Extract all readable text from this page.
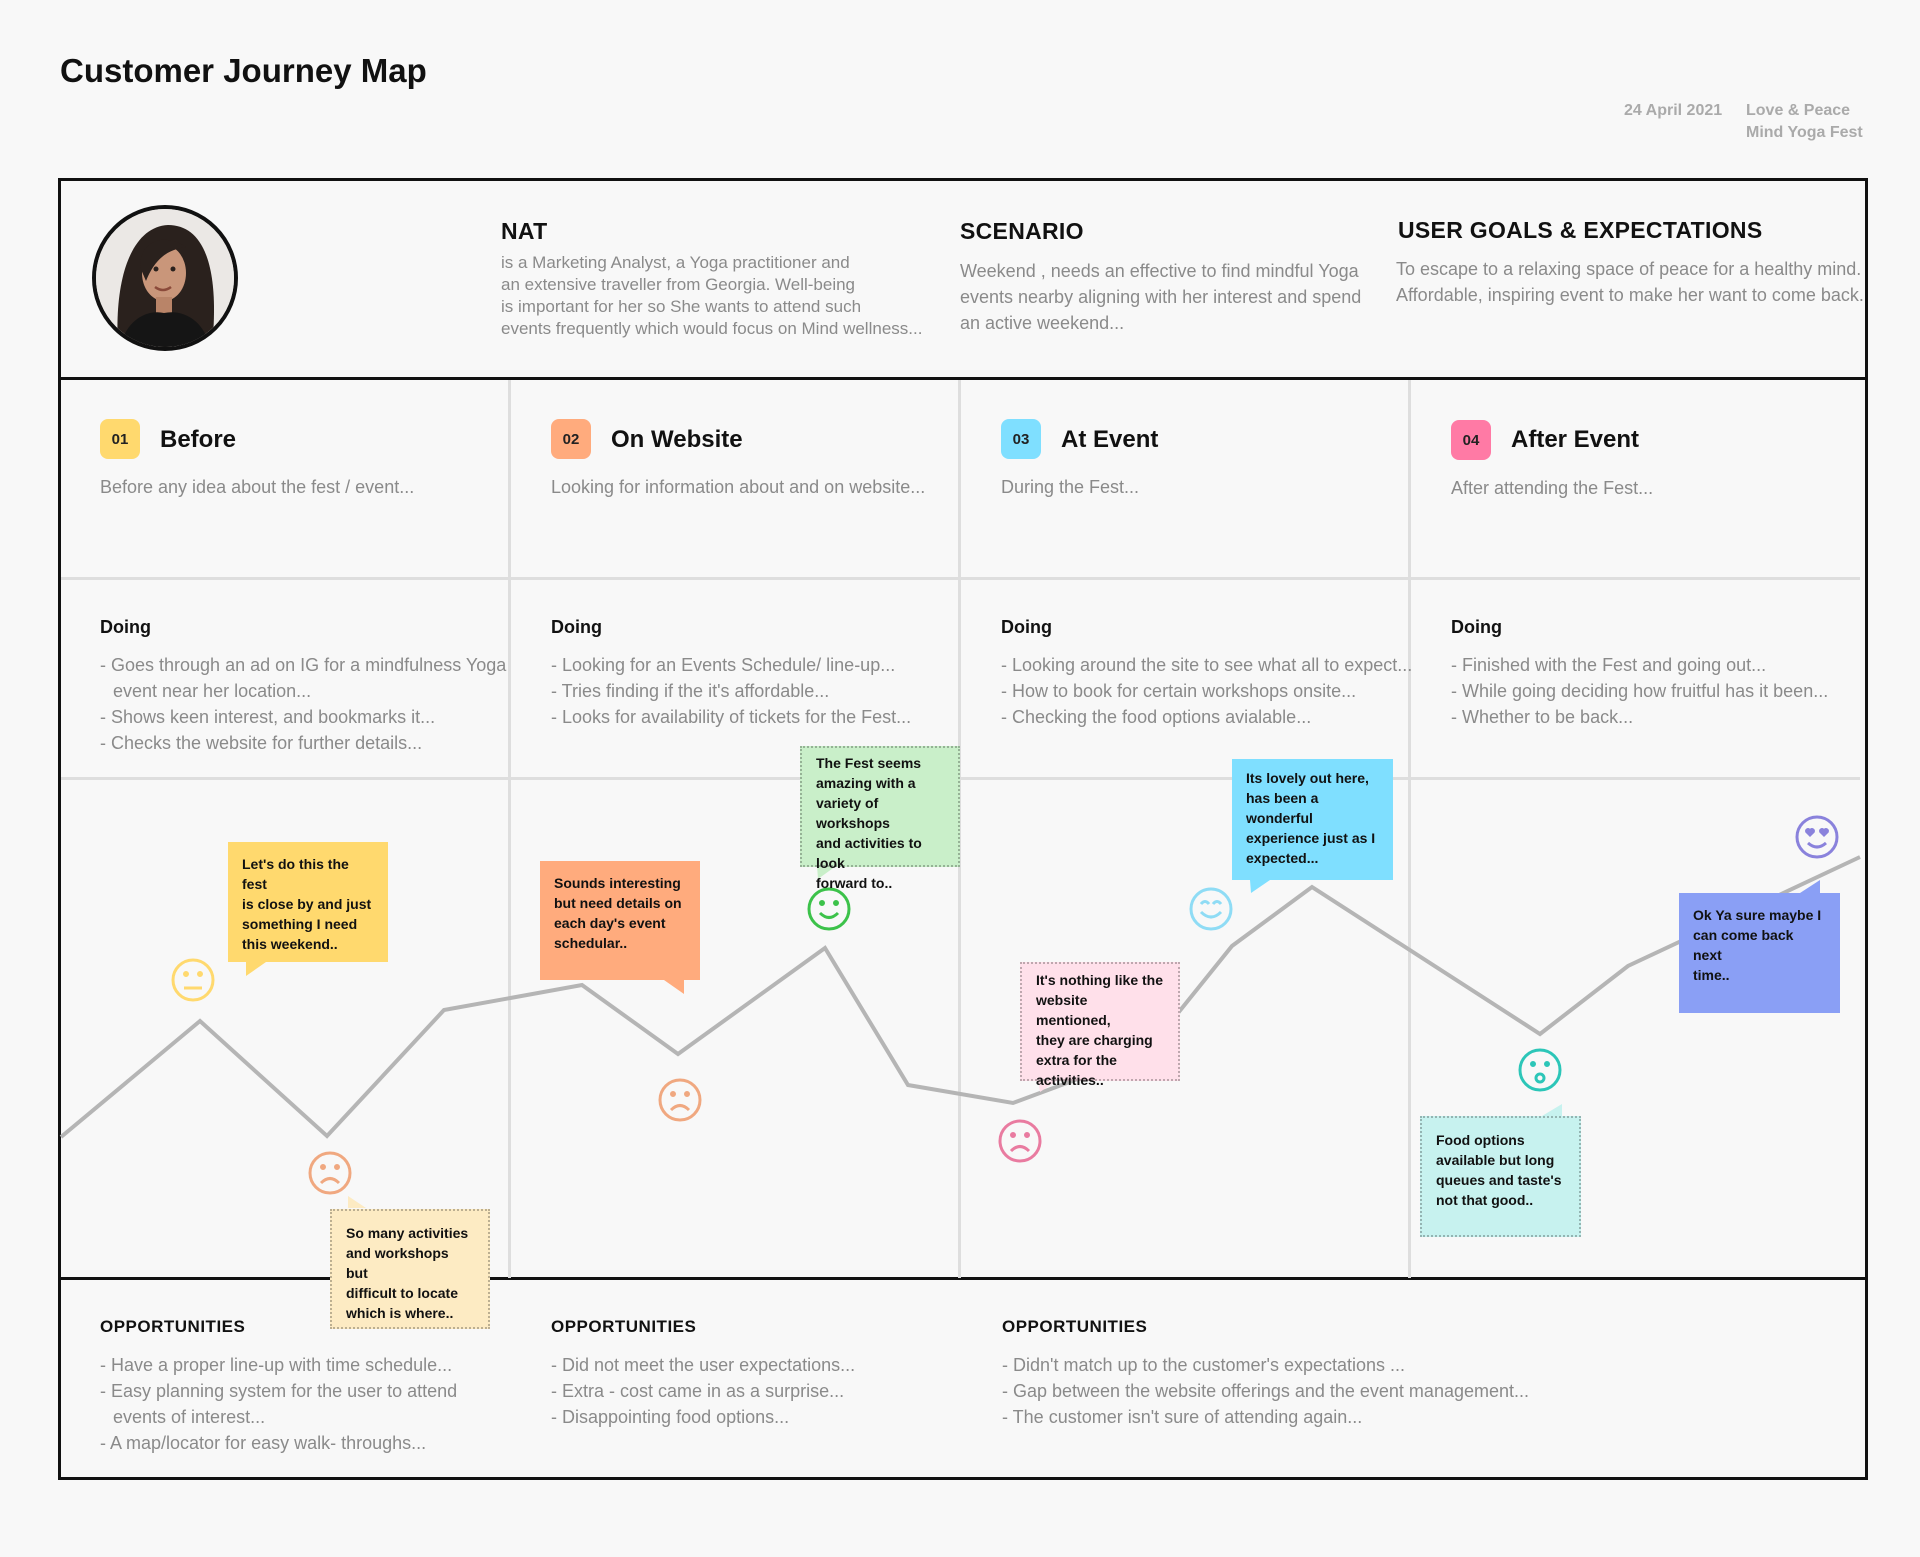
Customer Journey Map
24 April 2021 Love & Peace
Mind Yoga Fest
NAT
is a Marketing Analyst, a Yoga practitioner and
an extensive traveller from Georgia. Well-being
is important for her so She wants to attend such
events frequently which would focus on Mind wellness...
SCENARIO
Weekend , needs an effective to find mindful Yoga
events nearby aligning with her interest and spend
an active weekend...
USER GOALS & EXPECTATIONS
To escape to a relaxing space of peace for a healthy mind.
Affordable, inspiring event to make her want to come back.
01	Before
Before any idea about the fest / event...
02	On Website
Looking for information about and on website...
03	At Event
During the Fest...
04	After Event
After attending the Fest...
Doing
- Goes through an ad on IG for a mindfulness Yoga
event near her location...
- Shows keen interest, and bookmarks it...
- Checks the website for further details...
Doing
- Looking for an Events Schedule/ line-up...
- Tries finding if the it's affordable...
- Looks for availability of tickets for the Fest...
Doing
- Looking around the site to see what all to expect...
- How to book for certain workshops onsite...
- Checking the food options avialable...
Doing
- Finished with the Fest and going out...
- While going deciding how fruitful has it been...
- Whether to be back...
Let's do this the fest
is close by and just
something I need
this weekend..
So many activities
and workshops but
difficult to locate
which is where..
Sounds interesting
but need details on
each day's event
schedular..
The Fest seems
amazing with a
variety of workshops
and activities to look
forward to..
It's nothing like the
website mentioned,
they are charging
extra for the
activities..
Its lovely out here,
has been a
wonderful
experience just as I
expected...
Food options
available but long
queues and taste's
not that good..
Ok Ya sure maybe I
can come back next
time..
OPPORTUNITIES
- Have a proper line-up with time schedule...
- Easy planning system for the user to attend
events of interest...
- A map/locator for easy walk- throughs...
OPPORTUNITIES
- Did not meet the user expectations...
- Extra - cost came in as a surprise...
- Disappointing food options...
OPPORTUNITIES
- Didn't match up to the customer's expectations ...
- Gap between the website offerings and the event management...
- The customer isn't sure of attending again...
